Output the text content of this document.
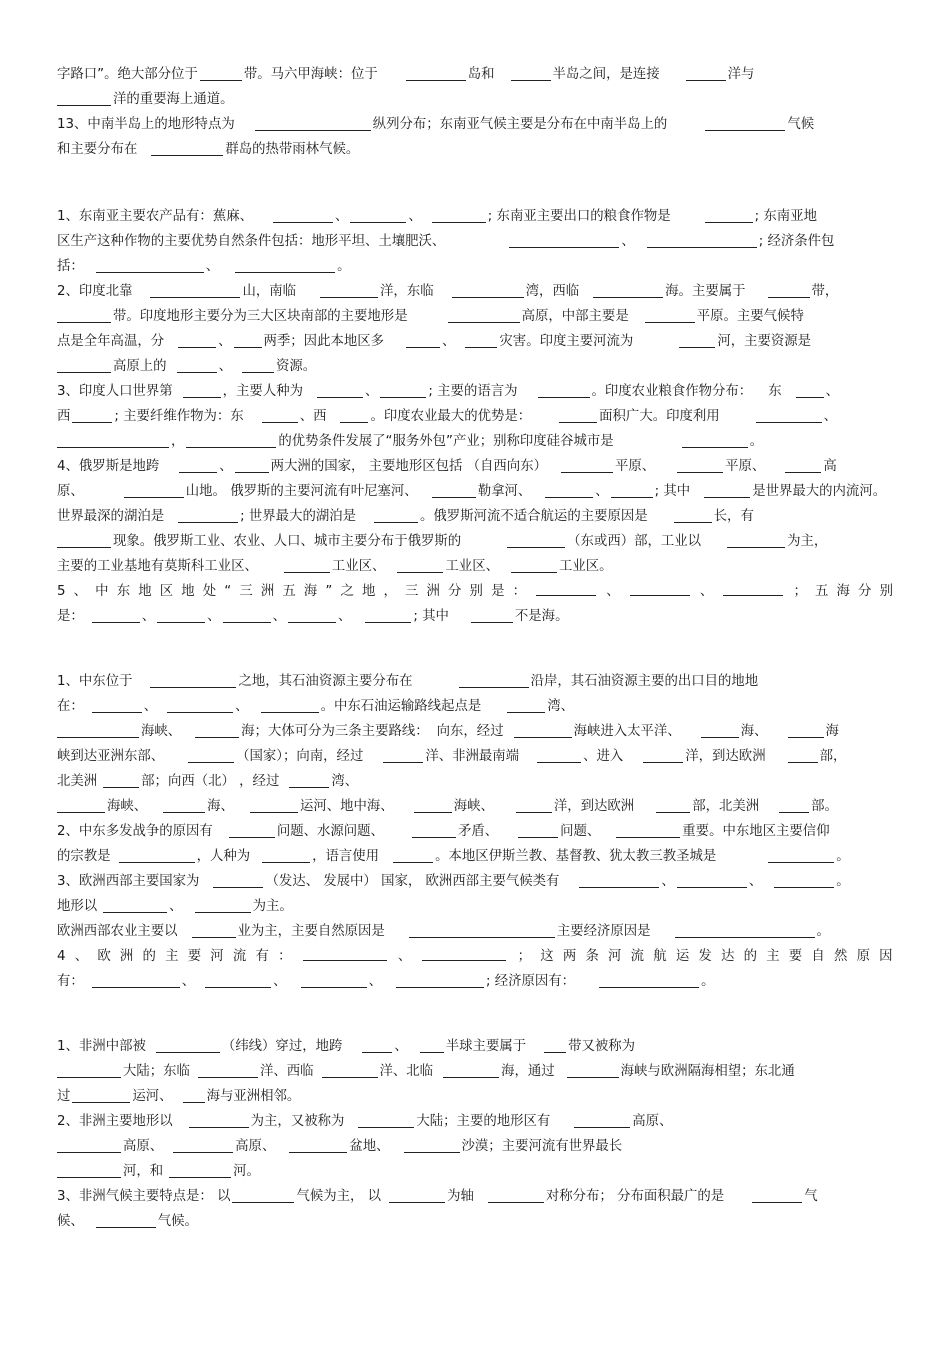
字路口”。绝大部分位于	带。马六甲海峡：位于	岛和	半岛之间，是连接	洋与
洋的重要海上通道。
13、中南半岛上的地形特点为	纵列分布；东南亚气候主要是分布在中南半岛上的	气候
和主要分布在	群岛的热带雨林气候。
1、东南亚主要农产品有：蕉麻、	、	、	; 东南亚主要出口的粮食作物是	; 东南亚地
区生产这种作物的主要优势自然条件包括：地形平坦、土壤肥沃、	、	; 经济条件包
括：	、	。
2、印度北靠	山，南临	洋，东临	湾，西临	海。主要属于	带，
带。印度地形主要分为三大区块南部的主要地形是	高原，中部主要是	平原。主要气候特
点是全年高温，分	、 两季；因此本地区多	、	灾害。印度主要河流为	河，主要资源是
高原上的	、	资源。
3、印度人口世界第	，主要人种为	、	; 主要的语言为	。印度农业粮食作物分布： 东	、
西	; 主要纤维作物为：东	、西	。印度农业最大的优势是：	面积广大。印度利用	、
，	的优势条件发展了“服务外包”产业；别称印度硅谷城市是	。
4、俄罗斯是地跨	、	两大洲的国家， 主要地形区包括 （自西向东）	平原、	平原、	高
原、	山地。 俄罗斯的主要河流有叶尼塞河、	勒拿河、	、	; 其中	是世界最大的内流河。
世界最深的湖泊是	; 世界最大的湖泊是	。俄罗斯河流不适合航运的主要原因是	长，有
现象。俄罗斯工业、农业、人口、城市主要分布于俄罗斯的	（东或西）部，工业以	为主，
主要的工业基地有莫斯科工业区、	工业区、	工业区、	工业区。
5 、 中 东 地 区 地 处 “ 三 洲 五 海 ” 之 地 ， 三 洲 分 别 是 ：	、	、	； 五 海 分 别
是：	、	、	、	、	; 其中	不是海。
1、中东位于	之地，其石油资源主要分布在	沿岸，其石油资源主要的出口目的地地
在：	、	、	。中东石油运输路线起点是	湾、
海峡、	海；大体可分为三条主要路线： 向东，经过	海峡进入太平洋、	海、	海
峡到达亚洲东部、	（国家）；向南，经过	洋、非洲最南端	、进入	洋，到达欧洲	部，
北美洲	部；向西（北） ，经过	湾、
海峡、	海、	运河、地中海、	海峡、	洋，到达欧洲	部，北美洲	部。
2、中东多发战争的原因有	问题、水源问题、	矛盾、	问题、	重要。中东地区主要信仰
的宗教是	，人种为	，语言使用	。本地区伊斯兰教、基督教、犹太教三教圣城是	。
3、欧洲西部主要国家为	（发达、 发展中） 国家， 欧洲西部主要气候类有	、	、	。
地形以	、	为主。
欧洲西部农业主要以	业为主，主要自然原因是	主要经济原因是	。
4 、 欧 洲 的 主 要 河 流 有 ：	、	； 这 两 条 河 流 航 运 发 达 的 主 要 自 然 原 因
有：	、	、	、	; 经济原因有：	。
1、非洲中部被	（纬线）穿过，地跨	、	半球主要属于	带又被称为
大陆；东临	洋、西临	洋、北临	海，通过	海峡与欧洲隔海相望；东北通
过	运河、	海与亚洲相邻。
2、非洲主要地形以	为主，又被称为	大陆；主要的地形区有	高原、
高原、	高原、	盆地、	沙漠；主要河流有世界最长
河，和	河。
3、非洲气候主要特点是： 以	气候为主， 以	为轴	对称分布； 分布面积最广的是	气
候、	气候。
